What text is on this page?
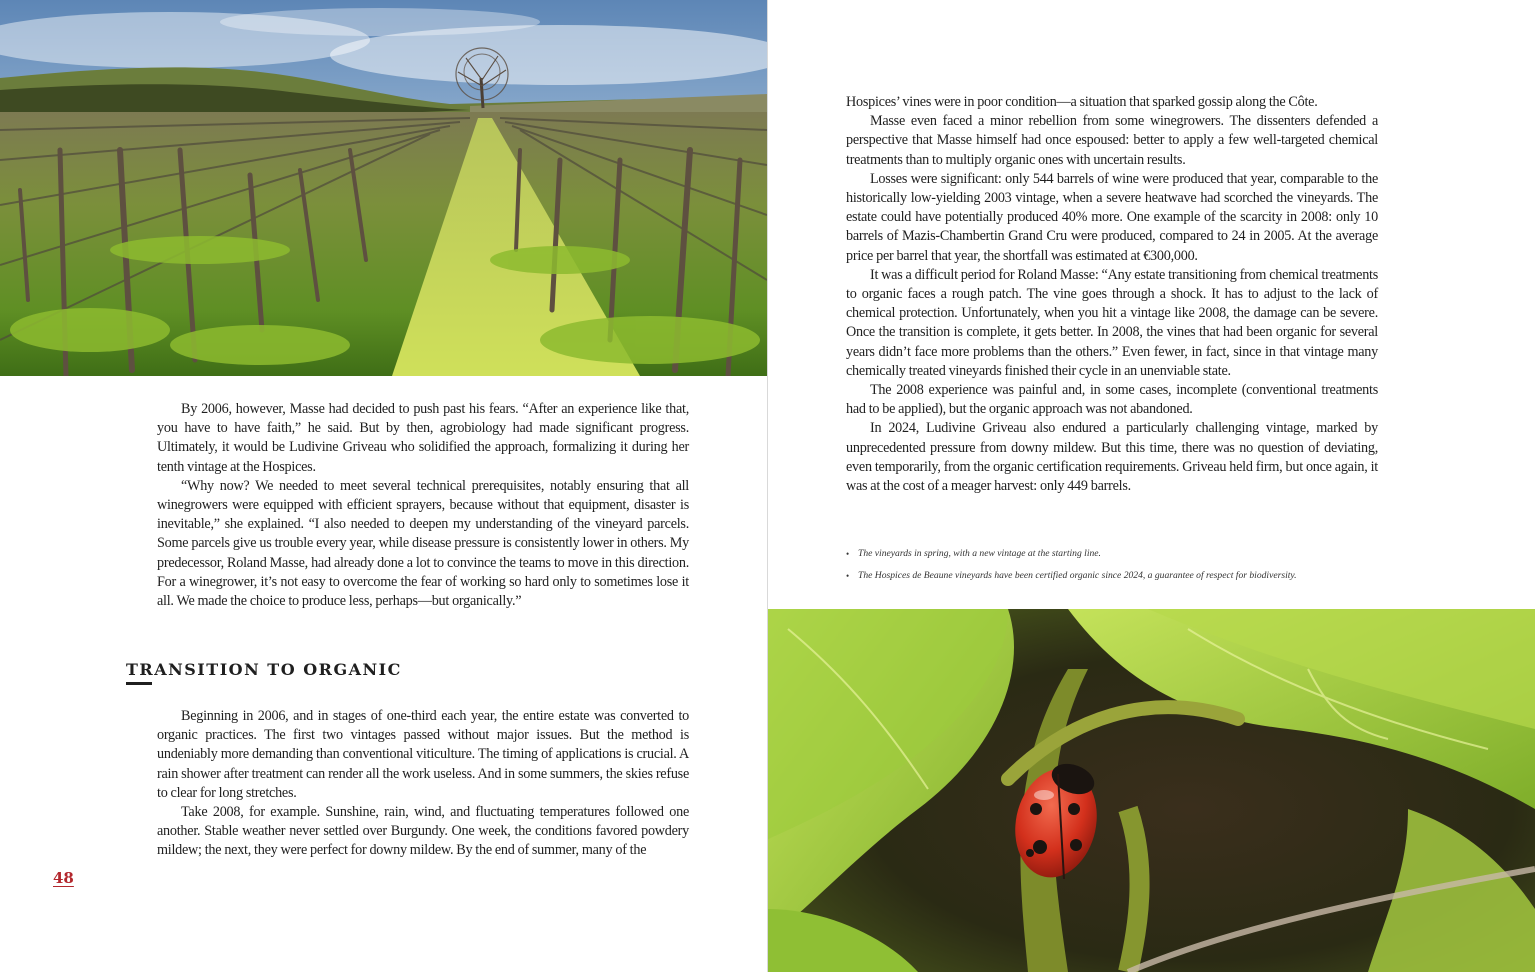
By 2006, however, Masse had decided to push past his fears. “After an experience like that, you have to have faith,” he said. But by then, agrobiology had made significant progress. Ultimately, it would be Ludivine Griveau who solidified the approach, formalizing it during her tenth vintage at the Hospices.

“Why now? We needed to meet several technical prerequisites, notably ensuring that all winegrowers were equipped with efficient sprayers, because without that equipment, disaster is inevitable,” she explained. “I also needed to deepen my understanding of the vineyard parcels. Some parcels give us trouble every year, while disease pressure is consistently lower in others. My predecessor, Roland Masse, had already done a lot to convince the teams to move in this direction. For a winegrower, it’s not easy to overcome the fear of working so hard only to sometimes lose it all. We made the choice to produce less, perhaps—but organically.”

TRANSITION TO ORGANIC

Beginning in 2006, and in stages of one-third each year, the entire estate was converted to organic practices. The first two vintages passed without major issues. But the method is undeniably more demanding than conventional viticulture. The timing of applications is crucial. A rain shower after treatment can render all the work useless. And in some summers, the skies refuse to clear for long stretches.

Take 2008, for example. Sunshine, rain, wind, and fluctuating temperatures followed one another. Stable weather never settled over Burgundy. One week, the conditions favored powdery mildew; the next, they were perfect for downy mildew. By the end of summer, many of the

48

Hospices’ vines were in poor condition—a situation that sparked gossip along the Côte.

Masse even faced a minor rebellion from some winegrowers. The dissenters defended a perspective that Masse himself had once espoused: better to apply a few well-targeted chemical treatments than to multiply organic ones with uncertain results.

Losses were significant: only 544 barrels of wine were produced that year, comparable to the historically low-yielding 2003 vintage, when a severe heatwave had scorched the vineyards. The estate could have potentially produced 40% more. One example of the scarcity in 2008: only 10 barrels of Mazis-Chambertin Grand Cru were produced, compared to 24 in 2005. At the average price per barrel that year, the shortfall was estimated at €300,000.

It was a difficult period for Roland Masse: “Any estate transitioning from chemical treatments to organic faces a rough patch. The vine goes through a shock. It has to adjust to the lack of chemical protection. Unfortunately, when you hit a vintage like 2008, the damage can be severe. Once the transition is complete, it gets better. In 2008, the vines that had been organic for several years didn’t face more problems than the others.” Even fewer, in fact, since in that vintage many chemically treated vineyards finished their cycle in an unenviable state.

The 2008 experience was painful and, in some cases, incomplete (conventional treatments had to be applied), but the organic approach was not abandoned.

In 2024, Ludivine Griveau also endured a particularly challenging vintage, marked by unprecedented pressure from downy mildew. But this time, there was no question of deviating, even temporarily, from the organic certification requirements. Griveau held firm, but once again, it was at the cost of a meager harvest: only 449 barrels.

• The vineyards in spring, with a new vintage at the starting line.

• The Hospices de Beaune vineyards have been certified organic since 2024, a guarantee of respect for biodiversity.
